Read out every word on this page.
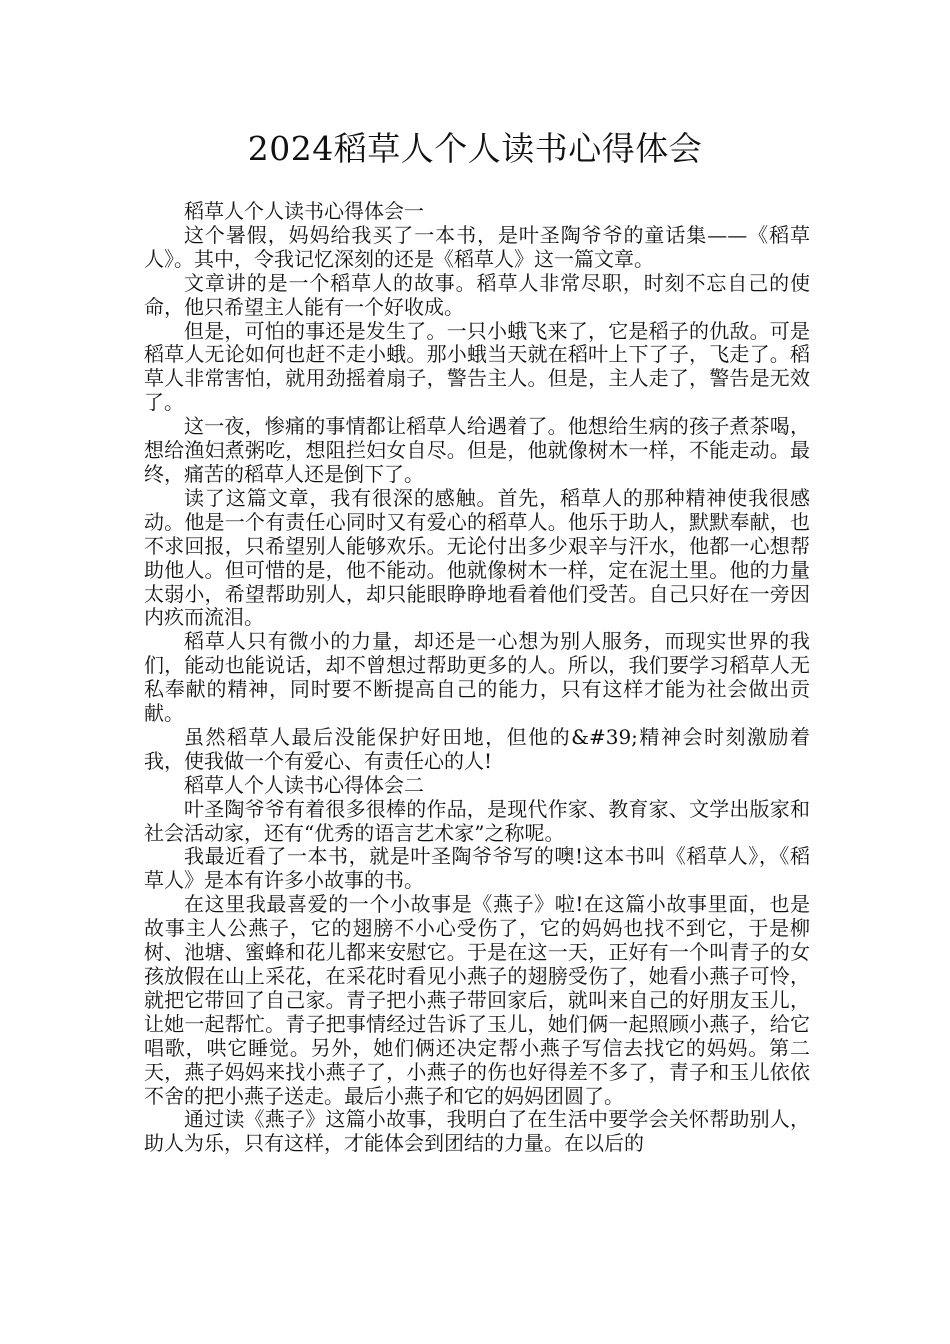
2024稻草人个人读书心得体会

稻草人个人读书心得体会一

这个暑假，妈妈给我买了一本书，是叶圣陶爷爷的童话集——《稻草人》。其中，令我记忆深刻的还是《稻草人》这一篇文章。

文章讲的是一个稻草人的故事。稻草人非常尽职，时刻不忘自己的使命，他只希望主人能有一个好收成。

但是，可怕的事还是发生了。一只小蛾飞来了，它是稻子的仇敌。可是稻草人无论如何也赶不走小蛾。那小蛾当天就在稻叶上下了子，飞走了。稻草人非常害怕，就用劲摇着扇子，警告主人。但是，主人走了，警告是无效了。

这一夜，惨痛的事情都让稻草人给遇着了。他想给生病的孩子煮茶喝，想给渔妇煮粥吃，想阻拦妇女自尽。但是，他就像树木一样，不能走动。最终，痛苦的稻草人还是倒下了。

读了这篇文章，我有很深的感触。首先，稻草人的那种精神使我很感动。他是一个有责任心同时又有爱心的稻草人。他乐于助人，默默奉献，也不求回报，只希望别人能够欢乐。无论付出多少艰辛与汗水，他都一心想帮助他人。但可惜的是，他不能动。他就像树木一样，定在泥土里。他的力量太弱小，希望帮助别人，却只能眼睁睁地看着他们受苦。自己只好在一旁因内疚而流泪。

稻草人只有微小的力量，却还是一心想为别人服务，而现实世界的我们，能动也能说话，却不曾想过帮助更多的人。所以，我们要学习稻草人无私奉献的精神，同时要不断提高自己的能力，只有这样才能为社会做出贡献。

虽然稻草人最后没能保护好田地，但他的&#39;精神会时刻激励着我，使我做一个有爱心、有责任心的人!

稻草人个人读书心得体会二

叶圣陶爷爷有着很多很棒的作品，是现代作家、教育家、文学出版家和社会活动家，还有“优秀的语言艺术家”之称呢。

我最近看了一本书，就是叶圣陶爷爷写的噢!这本书叫《稻草人》，《稻草人》是本有许多小故事的书。

在这里我最喜爱的一个小故事是《燕子》啦!在这篇小故事里面，也是故事主人公燕子，它的翅膀不小心受伤了，它的妈妈也找不到它，于是柳树、池塘、蜜蜂和花儿都来安慰它。于是在这一天，正好有一个叫青子的女孩放假在山上采花，在采花时看见小燕子的翅膀受伤了，她看小燕子可怜，就把它带回了自己家。青子把小燕子带回家后，就叫来自己的好朋友玉儿，让她一起帮忙。青子把事情经过告诉了玉儿，她们俩一起照顾小燕子，给它唱歌，哄它睡觉。另外，她们俩还决定帮小燕子写信去找它的妈妈。第二天，燕子妈妈来找小燕子了，小燕子的伤也好得差不多了，青子和玉儿依依不舍的把小燕子送走。最后小燕子和它的妈妈团圆了。

通过读《燕子》这篇小故事，我明白了在生活中要学会关怀帮助别人，助人为乐，只有这样，才能体会到团结的力量。在以后的
